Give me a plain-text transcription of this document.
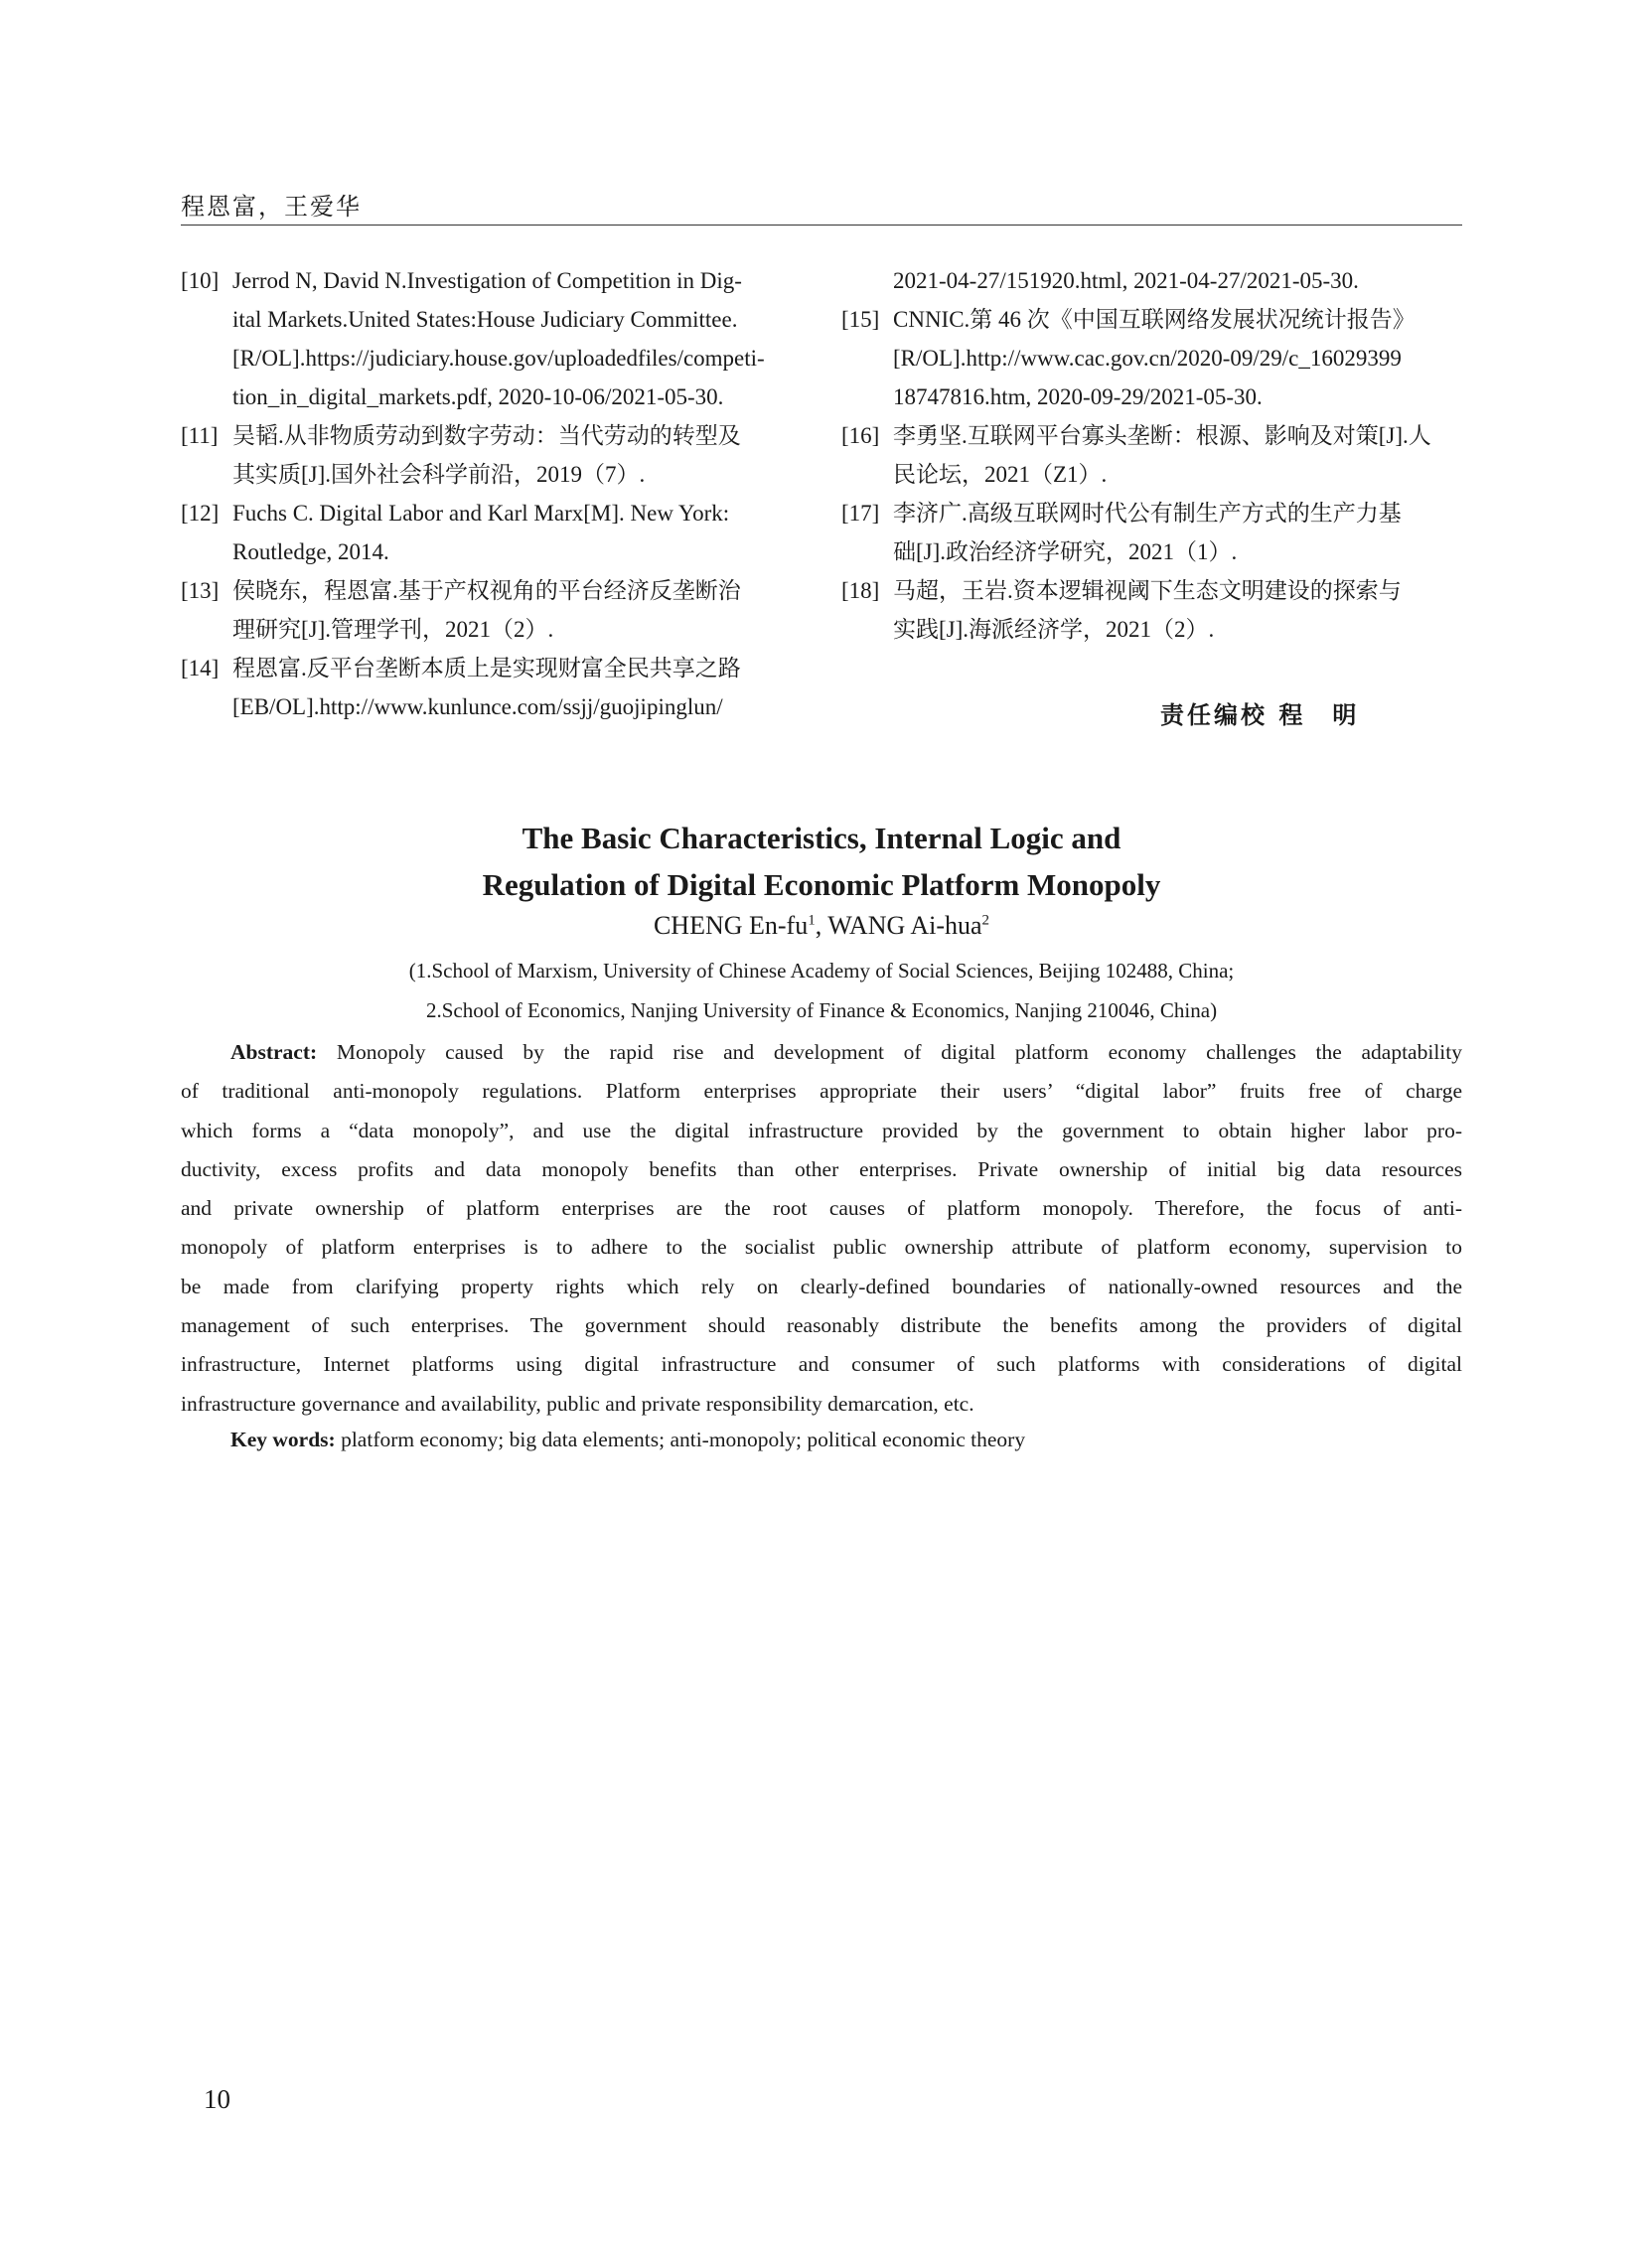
程恩富，王爱华
[10] Jerrod N, David N.Investigation of Competition in Dig-
ital Markets.United States:House Judiciary Committee.
[R/OL].https://judiciary.house.gov/uploadedfiles/competi-
tion_in_digital_markets.pdf, 2020-10-06/2021-05-30.
[11] 吴韬.从非物质劳动到数字劳动：当代劳动的转型及
其实质[J].国外社会科学前沿，2019（7）.
[12] Fuchs C. Digital Labor and Karl Marx[M]. New York:
Routledge, 2014.
[13] 侯晓东，程恩富.基于产权视角的平台经济反垄断治
理研究[J].管理学刊，2021（2）.
[14] 程恩富.反平台垄断本质上是实现财富全民共享之路
[EB/OL].http://www.kunlunce.com/ssjj/guojipinglun/
2021-04-27/151920.html, 2021-04-27/2021-05-30.
[15] CNNIC.第 46 次《中国互联网络发展状况统计报告》
[R/OL].http://www.cac.gov.cn/2020-09/29/c_16029399
18747816.htm, 2020-09-29/2021-05-30.
[16] 李勇坚.互联网平台寡头垄断：根源、影响及对策[J].人
民论坛，2021（Z1）.
[17] 李济广.高级互联网时代公有制生产方式的生产力基
础[J].政治经济学研究，2021（1）.
[18] 马超，王岩.资本逻辑视阈下生态文明建设的探索与
实践[J].海派经济学，2021（2）.
责任编校 程　明
The Basic Characteristics, Internal Logic and
Regulation of Digital Economic Platform Monopoly
CHENG $En-fu^1$, WANG Ai-hua$^2$
(1.School of Marxism, University of Chinese Academy of Social Sciences, Beijing 102488, China;
2.School of Economics, Nanjing University of Finance & Economics, Nanjing 210046, China)
Abstract: Monopoly caused by the rapid rise and development of digital platform economy challenges the adaptability
of traditional anti-monopoly regulations. Platform enterprises appropriate their users’ “digital labor” fruits free of charge
which forms a “data monopoly”, and use the digital infrastructure provided by the government to obtain higher labor pro-
ductivity, excess profits and data monopoly benefits than other enterprises. Private ownership of initial big data resources
and private ownership of platform enterprises are the root causes of platform monopoly. Therefore, the focus of anti-
monopoly of platform enterprises is to adhere to the socialist public ownership attribute of platform economy, supervision to
be made from clarifying property rights which rely on clearly-defined boundaries of nationally-owned resources and the
management of such enterprises. The government should reasonably distribute the benefits among the providers of digital
infrastructure, Internet platforms using digital infrastructure and consumer of such platforms with considerations of digital
infrastructure governance and availability, public and private responsibility demarcation, etc.
Key words: platform economy; big data elements; anti-monopoly; political economic theory
10
